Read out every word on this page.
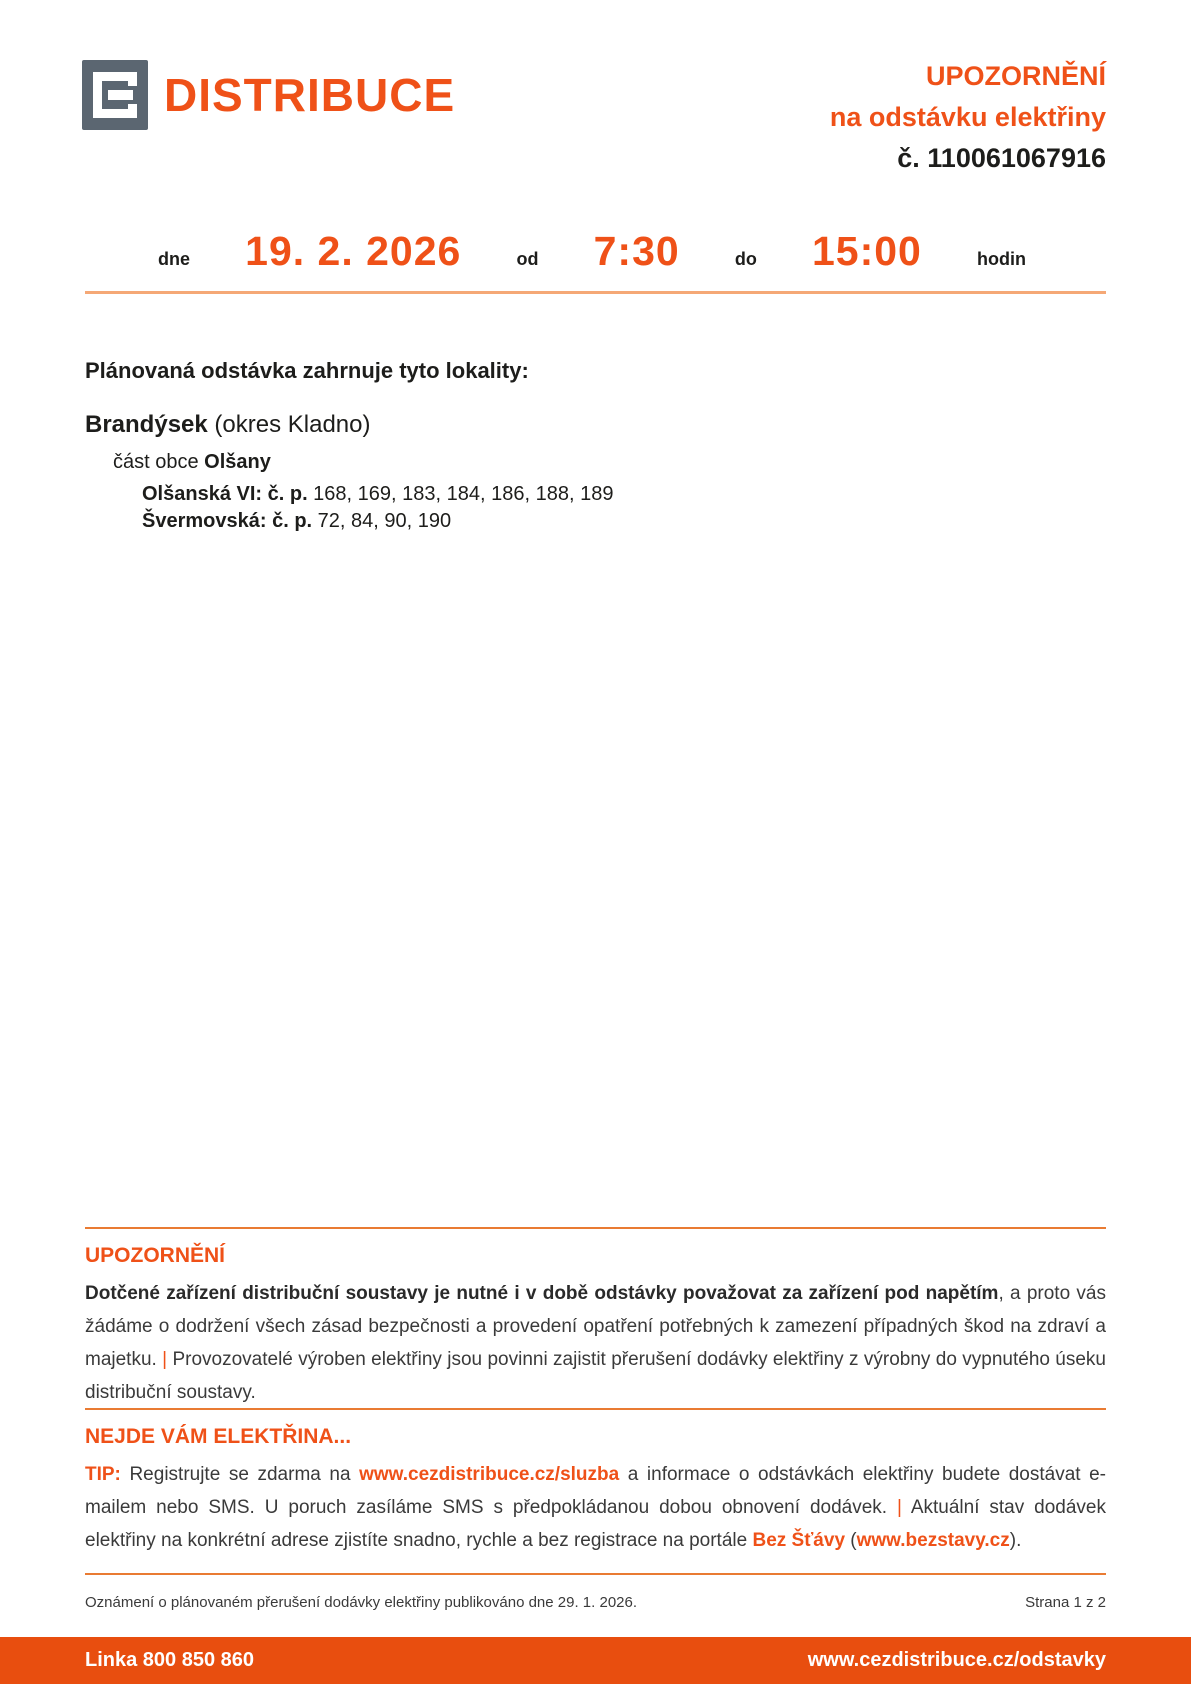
DISTRIBUCE	UPOZORNĚNÍ
na odstávku elektřiny
č. 110061067916
dne 19. 2. 2026	od 7:30	do 15:00	hodin
Plánovaná odstávka zahrnuje tyto lokality:
Brandýsek (okres Kladno)
část obce Olšany
Olšanská VI: č. p. 168, 169, 183, 184, 186, 188, 189
Švermovská: č. p. 72, 84, 90, 190
UPOZORNĚNÍ
Dotčené zařízení distribuční soustavy je nutné i v době odstávky považovat za zařízení pod napětím, a proto vás žádáme o dodržení všech zásad bezpečnosti a provedení opatření potřebných k zamezení případných škod na zdraví a majetku. | Provozovatelé výroben elektřiny jsou povinni zajistit přerušení dodávky elektřiny z výrobny do vypnutého úseku distribuční soustavy.
NEJDE VÁM ELEKTŘINA...
TIP: Registrujte se zdarma na www.cezdistribuce.cz/sluzba a informace o odstávkách elektřiny budete dostávat e-mailem nebo SMS. U poruch zasíláme SMS s předpokládanou dobou obnovení dodávek. | Aktuální stav dodávek elektřiny na konkrétní adrese zjistíte snadno, rychle a bez registrace na portále Bez Šťávy (www.bezstavy.cz).
Oznámení o plánovaném přerušení dodávky elektřiny publikováno dne 29. 1. 2026.	Strana 1 z 2
Linka 800 850 860	www.cezdistribuce.cz/odstavky
